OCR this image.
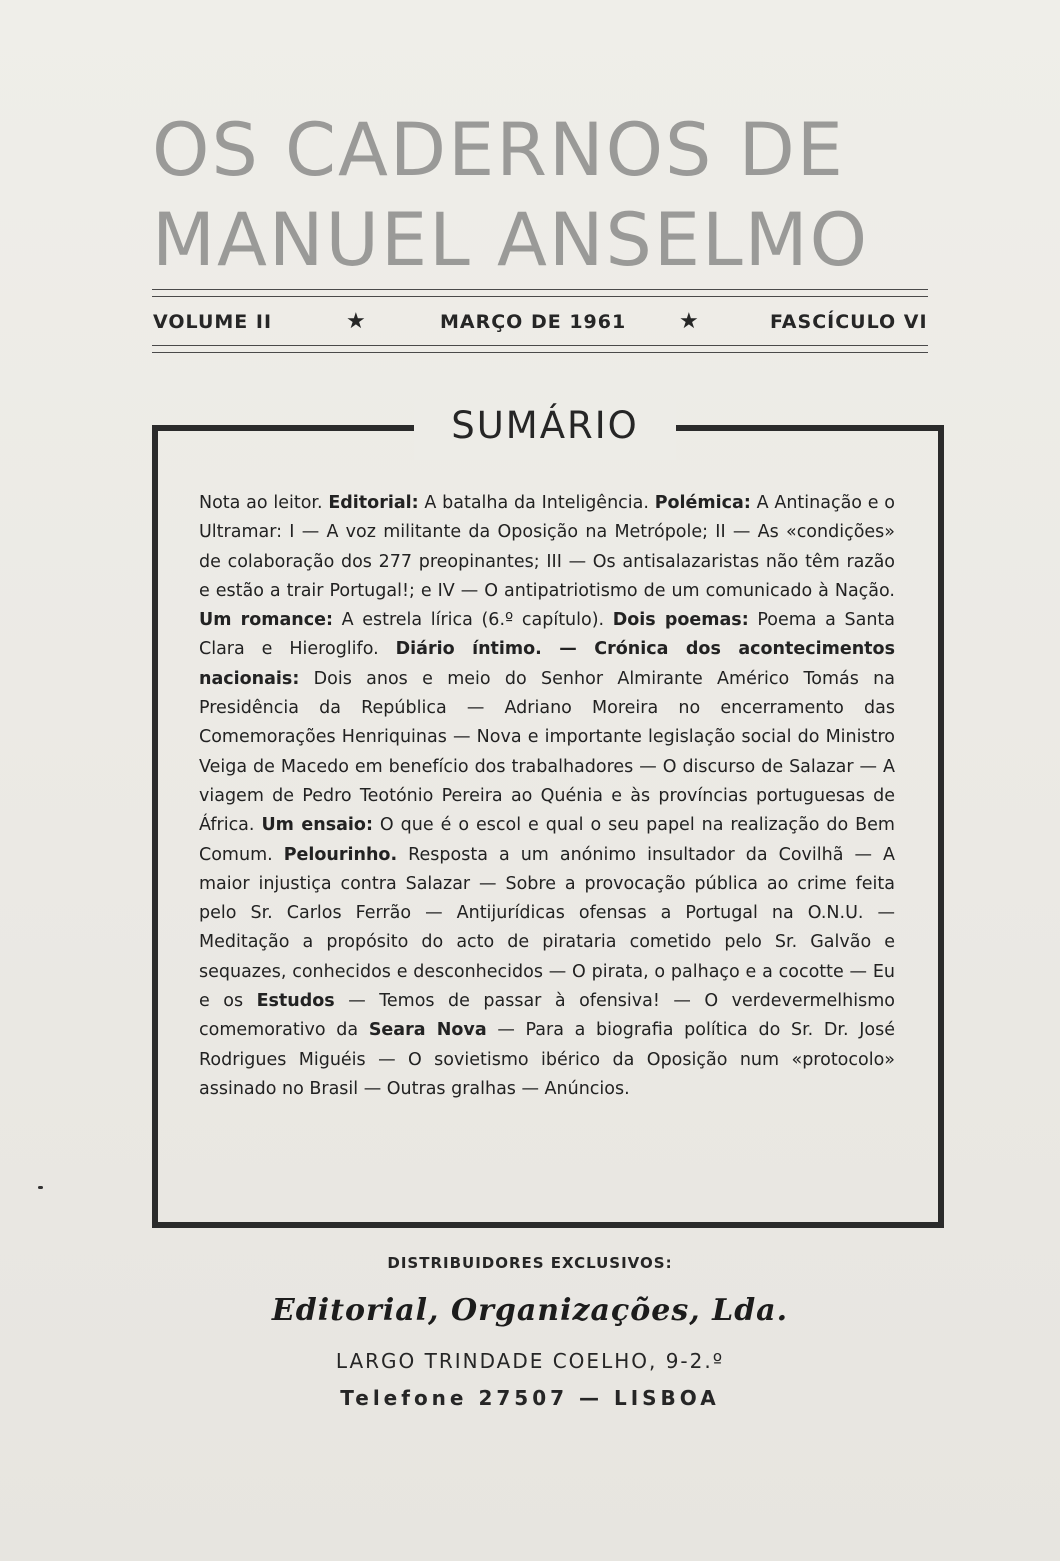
OS CADERNOS DE
MANUEL ANSELMO
VOLUME II	★	MARÇO DE 1961 ★	FASCÍCULO VI
SUMÁRIO
Nota ao leitor. Editorial: A batalha da Inteligência. Polémica: A Antinação e o Ultramar: I — A voz militante da Oposição na Metrópole; II — As «condições» de colaboração dos 277 preopinantes; III — Os antisalazaristas não têm razão e estão a trair Portugal!; e IV — O antipatriotismo de um comunicado à Nação. Um romance: A estrela lírica (6.º capítulo). Dois poemas: Poema a Santa Clara e Hieroglifo. Diário íntimo. — Crónica dos acontecimentos nacionais: Dois anos e meio do Senhor Almirante Américo Tomás na Presidência da República — Adriano Moreira no encerramento das Comemorações Henriquinas — Nova e importante legislação social do Ministro Veiga de Macedo em benefício dos trabalhadores — O discurso de Salazar — A viagem de Pedro Teotónio Pereira ao Quénia e às províncias portuguesas de África. Um ensaio: O que é o escol e qual o seu papel na realização do Bem Comum. Pelourinho. Resposta a um anónimo insultador da Covilhã — A maior injustiça contra Salazar — Sobre a provocação pública ao crime feita pelo Sr. Carlos Ferrão — Antijurídicas ofensas a Portugal na O.N.U. — Meditação a propósito do acto de pirataria cometido pelo Sr. Galvão e sequazes, conhecidos e desconhecidos — O pirata, o palhaço e a cocotte — Eu e os Estudos — Temos de passar à ofensiva! — O verdevermelhismo comemorativo da Seara Nova — Para a biografia política do Sr. Dr. José Rodrigues Miguéis — O sovietismo ibérico da Oposição num «protocolo» assinado no Brasil — Outras gralhas — Anúncios.
DISTRIBUIDORES EXCLUSIVOS:
Editorial, Organizações, Lda.
LARGO TRINDADE COELHO, 9-2.º
Telefone 27507 — LISBOA
